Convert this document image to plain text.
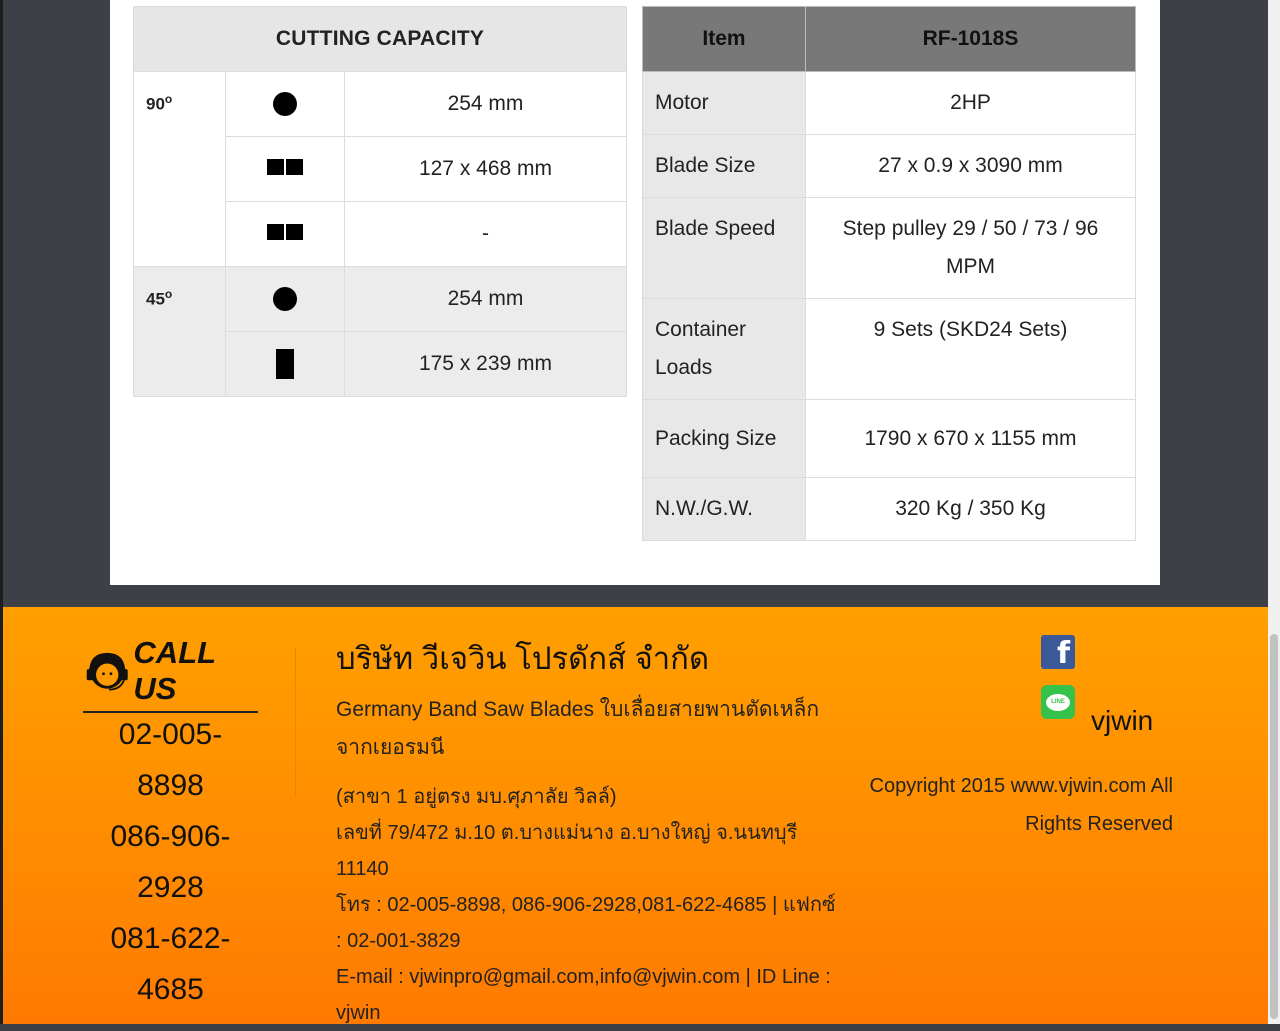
CUTTING CAPACITY		
90$^o$		254 mm
		127 x 468 mm
		-
45$^o$		254 mm
		175 x 239 mm
Item	RF-1018S
Motor	2HP
Blade Size	27 x 0.9 x 3090 mm
Blade Speed	Step pulley 29 / 50 / 73 / 96 MPM
Container Loads	9 Sets (SKD24 Sets)
Packing Size	1790 x 670 x 1155 mm
N.W./G.W.	320 Kg / 350 Kg
CALL US
02-005-8898
086-906-2928
081-622-4685
บริษัท วีเจวิน โปรดักส์ จำกัด
Germany Band Saw Blades ใบเลื่อยสายพานตัดเหล็กจากเยอรมนี
(สาขา 1 อยู่ตรง มบ.ศุภาลัย วิลล์)
เลขที่ 79/472 ม.10 ต.บางแม่นาง อ.บางใหญ่ จ.นนทบุรี 11140
โทร : 02-005-8898, 086-906-2928,081-622-4685 | แฟกซ์ : 02-001-3829
E-mail : vjwinpro@gmail.com,info@vjwin.com | ID Line : vjwin
f
LINE
vjwin
Copyright 2015 www.vjwin.com All Rights Reserved
